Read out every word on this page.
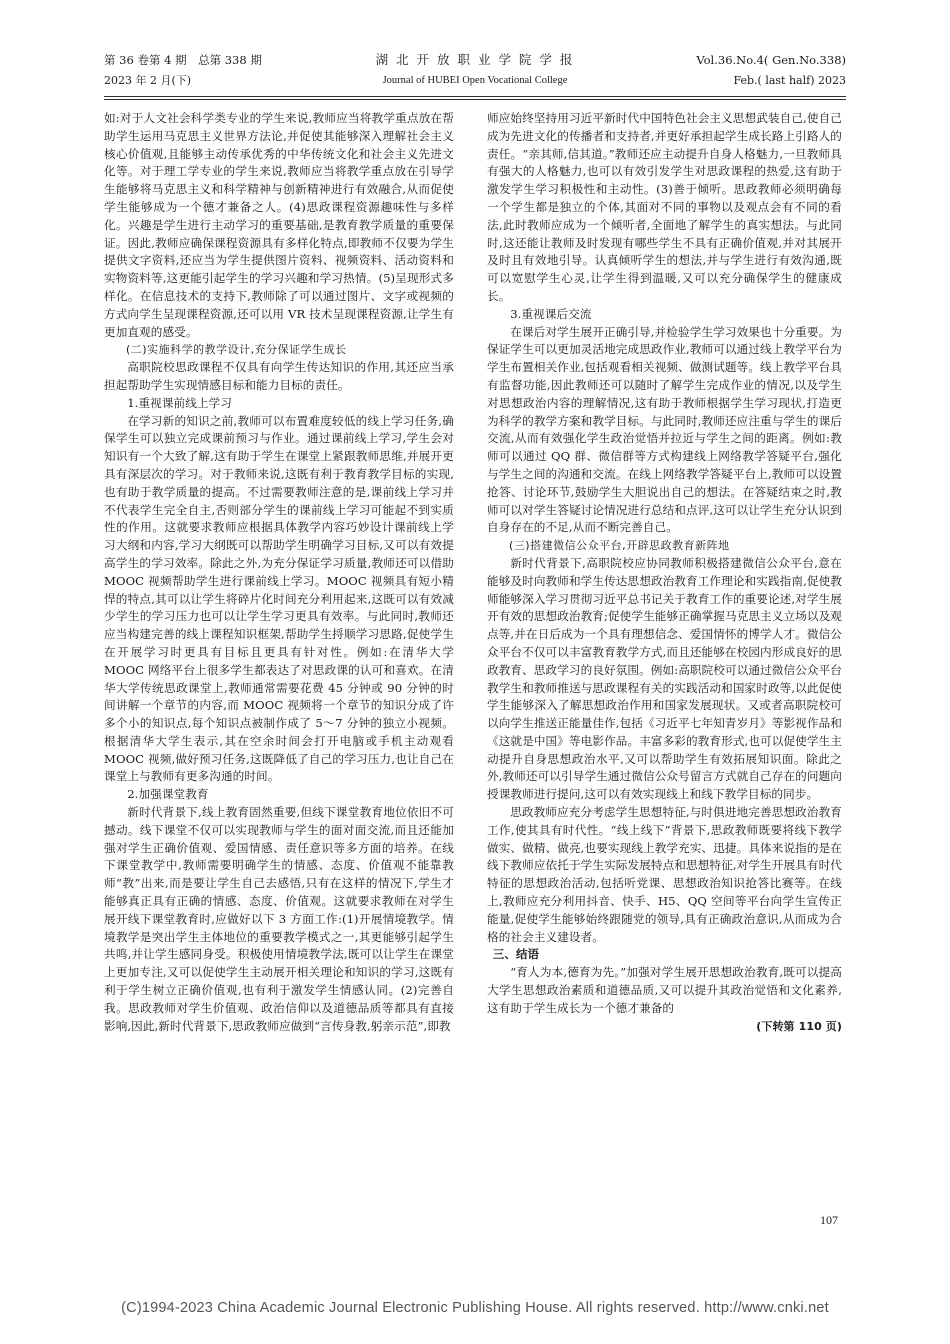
第 36 卷第 4 期　总第 338 期	湖 北 开 放 职 业 学 院 学 报	Vol.36.No.4( Gen.No.338)
2023 年 2 月(下)	Journal of HUBEI Open Vocational College	Feb.( last half) 2023

如:对于人文社会科学类专业的学生来说,教师应当将教学重点放在帮助学生运用马克思主义世界方法论,并促使其能够深入理解社会主义核心价值观,且能够主动传承优秀的中华传统文化和社会主义先进文化等。对于理工学专业的学生来说,教师应当将教学重点放在引导学生能够将马克思主义和科学精神与创新精神进行有效融合,从而促使学生能够成为一个德才兼备之人。(4)思政课程资源趣味性与多样化。兴趣是学生进行主动学习的重要基础,是教育教学质量的重要保证。因此,教师应确保课程资源具有多样化特点,即教师不仅要为学生提供文字资料,还应当为学生提供图片资料、视频资料、活动资料和实物资料等,这更能引起学生的学习兴趣和学习热情。(5)呈现形式多样化。在信息技术的支持下,教师除了可以通过图片、文字或视频的方式向学生呈现课程资源,还可以用 VR 技术呈现课程资源,让学生有更加直观的感受。

(二)实施科学的教学设计,充分保证学生成长

高职院校思政课程不仅具有向学生传达知识的作用,其还应当承担起帮助学生实现情感目标和能力目标的责任。

1.重视课前线上学习

在学习新的知识之前,教师可以布置难度较低的线上学习任务,确保学生可以独立完成课前预习与作业。通过课前线上学习,学生会对知识有一个大致了解,这有助于学生在课堂上紧跟教师思维,并展开更具有深层次的学习。对于教师来说,这既有利于教育教学目标的实现,也有助于教学质量的提高。不过需要教师注意的是,课前线上学习并不代表学生完全自主,否则部分学生的课前线上学习可能起不到实质性的作用。这就要求教师应根据具体教学内容巧妙设计课前线上学习大纲和内容,学习大纲既可以帮助学生明确学习目标,又可以有效提高学生的学习效率。除此之外,为充分保证学习质量,教师还可以借助 MOOC 视频帮助学生进行课前线上学习。MOOC 视频具有短小精悍的特点,其可以让学生将碎片化时间充分利用起来,这既可以有效减少学生的学习压力也可以让学生学习更具有效率。与此同时,教师还应当构建完善的线上课程知识框架,帮助学生捋顺学习思路,促使学生在开展学习时更具有目标且更具有针对性。例如:在清华大学 MOOC 网络平台上很多学生都表达了对思政课的认可和喜欢。在清华大学传统思政课堂上,教师通常需要花费 45 分钟或 90 分钟的时间讲解一个章节的内容,而 MOOC 视频将一个章节的知识分成了许多个小的知识点,每个知识点被制作成了 5～7 分钟的独立小视频。根据清华大学生表示,其在空余时间会打开电脑或手机主动观看 MOOC 视频,做好预习任务,这既降低了自己的学习压力,也让自己在课堂上与教师有更多沟通的时间。

2.加强课堂教育

新时代背景下,线上教育固然重要,但线下课堂教育地位依旧不可撼动。线下课堂不仅可以实现教师与学生的面对面交流,而且还能加强对学生正确价值观、爱国情感、责任意识等多方面的培养。在线下课堂教学中,教师需要明确学生的情感、态度、价值观不能靠教师“教”出来,而是要让学生自己去感悟,只有在这样的情况下,学生才能够真正具有正确的情感、态度、价值观。这就要求教师在对学生展开线下课堂教育时,应做好以下 3 方面工作:(1)开展情境教学。情境教学是突出学生主体地位的重要教学模式之一,其更能够引起学生共鸣,并让学生感同身受。积极使用情境教学法,既可以让学生在课堂上更加专注,又可以促使学生主动展开相关理论和知识的学习,这既有利于学生树立正确价值观,也有利于激发学生情感认同。(2)完善自我。思政教师对学生价值观、政治信仰以及道德品质等都具有直接影响,因此,新时代背景下,思政教师应做到“言传身教,躬亲示范”,即教

师应始终坚持用习近平新时代中国特色社会主义思想武装自己,使自己成为先进文化的传播者和支持者,并更好承担起学生成长路上引路人的责任。“亲其师,信其道。”教师还应主动提升自身人格魅力,一旦教师具有强大的人格魅力,也可以有效引发学生对思政课程的热爱,这有助于激发学生学习积极性和主动性。(3)善于倾听。思政教师必须明确每一个学生都是独立的个体,其面对不同的事物以及观点会有不同的看法,此时教师应成为一个倾听者,全面地了解学生的真实想法。与此同时,这还能让教师及时发现有哪些学生不具有正确价值观,并对其展开及时且有效地引导。认真倾听学生的想法,并与学生进行有效沟通,既可以宽慰学生心灵,让学生得到温暖,又可以充分确保学生的健康成长。

3.重视课后交流

在课后对学生展开正确引导,并检验学生学习效果也十分重要。为保证学生可以更加灵活地完成思政作业,教师可以通过线上教学平台为学生布置相关作业,包括观看相关视频、做测试题等。线上教学平台具有监督功能,因此教师还可以随时了解学生完成作业的情况,以及学生对思想政治内容的理解情况,这有助于教师根据学生学习现状,打造更为科学的教学方案和教学目标。与此同时,教师还应注重与学生的课后交流,从而有效强化学生政治觉悟并拉近与学生之间的距离。例如:教师可以通过 QQ 群、微信群等方式构建线上网络教学答疑平台,强化与学生之间的沟通和交流。在线上网络教学答疑平台上,教师可以设置抢答、讨论环节,鼓励学生大胆说出自己的想法。在答疑结束之时,教师可以对学生答疑讨论情况进行总结和点评,这可以让学生充分认识到自身存在的不足,从而不断完善自己。

(三)搭建微信公众平台,开辟思政教育新阵地

新时代背景下,高职院校应协同教师积极搭建微信公众平台,意在能够及时向教师和学生传达思想政治教育工作理论和实践指南,促使教师能够深入学习贯彻习近平总书记关于教育工作的重要论述,对学生展开有效的思想政治教育;促使学生能够正确掌握马克思主义立场以及观点等,并在日后成为一个具有理想信念、爱国情怀的博学人才。微信公众平台不仅可以丰富教育教学方式,而且还能够在校园内形成良好的思政教育、思政学习的良好氛围。例如:高职院校可以通过微信公众平台教学生和教师推送与思政课程有关的实践活动和国家时政等,以此促使学生能够深入了解思想政治作用和国家发展现状。又或者高职院校可以向学生推送正能量佳作,包括《习近平七年知青岁月》等影视作品和《这就是中国》等电影作品。丰富多彩的教育形式,也可以促使学生主动提升自身思想政治水平,又可以帮助学生有效拓展知识面。除此之外,教师还可以引导学生通过微信公众号留言方式就自己存在的问题向授课教师进行提问,这可以有效实现线上和线下教学目标的同步。

思政教师应充分考虑学生思想特征,与时俱进地完善思想政治教育工作,使其具有时代性。“线上线下”背景下,思政教师既要将线下教学做实、做精、做亮,也要实现线上教学充实、迅捷。具体来说指的是在线下教师应依托于学生实际发展特点和思想特征,对学生开展具有时代特征的思想政治活动,包括听党课、思想政治知识抢答比赛等。在线上,教师应充分利用抖音、快手、H5、QQ 空间等平台向学生宣传正能量,促使学生能够始终跟随党的领导,具有正确政治意识,从而成为合格的社会主义建设者。

三、结语

“育人为本,德育为先。”加强对学生展开思想政治教育,既可以提高大学生思想政治素质和道德品质,又可以提升其政治觉悟和文化素养,这有助于学生成长为一个德才兼备的

(下转第 110 页)
107
(C)1994-2023 China Academic Journal Electronic Publishing House. All rights reserved. http://www.cnki.net
